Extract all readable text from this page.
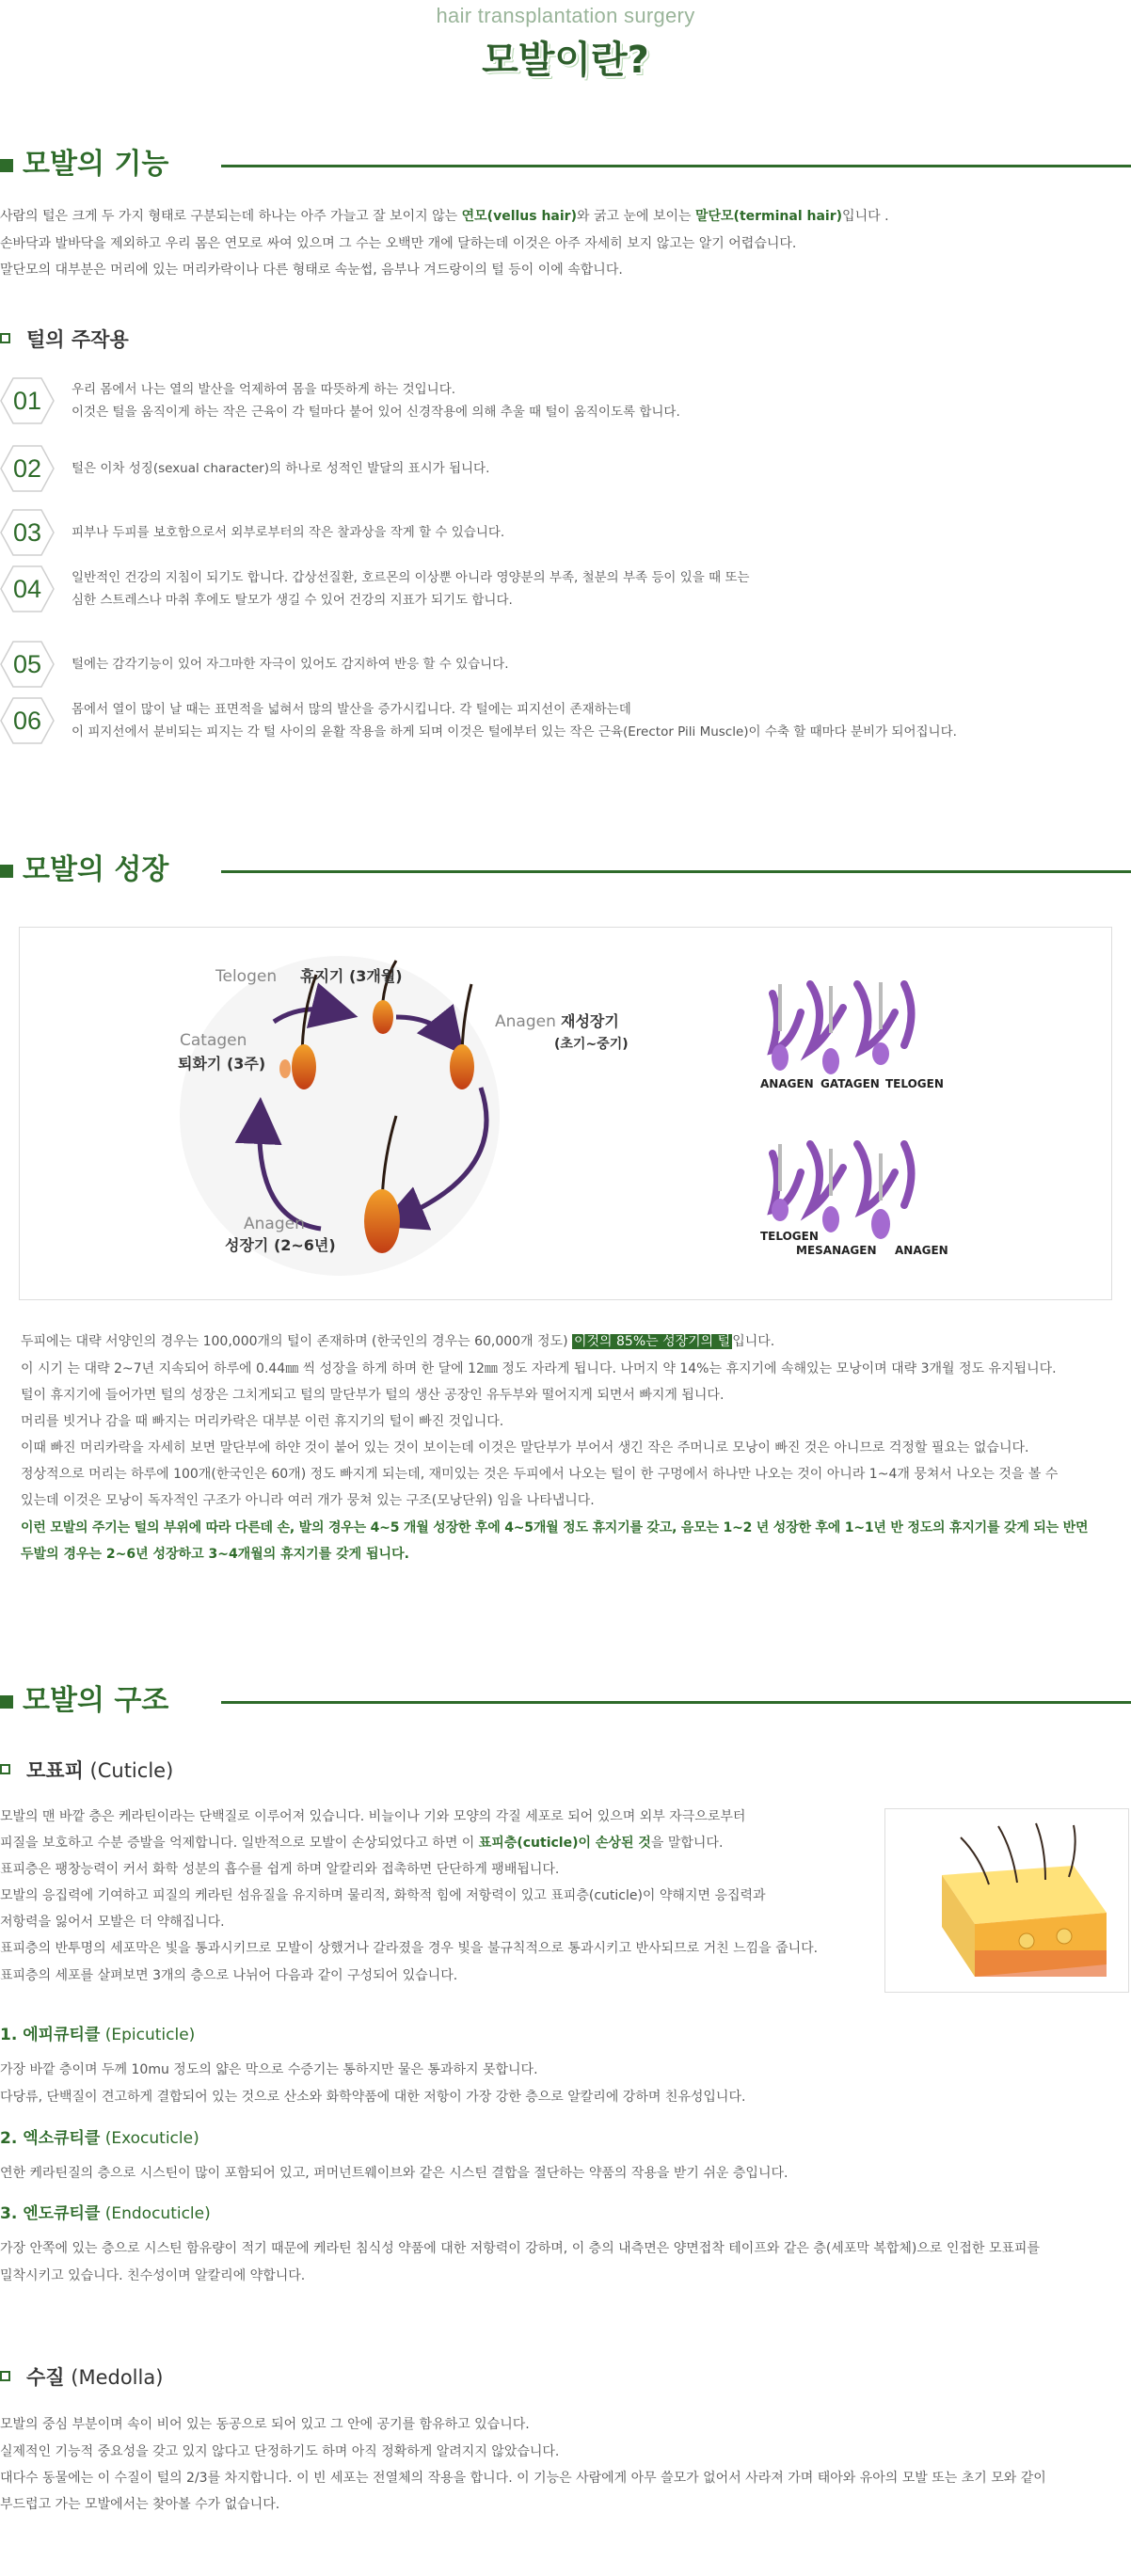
hair transplantation surgery
모발이란?
모발의 기능
사람의 털은 크게 두 가지 형태로 구분되는데 하나는 아주 가늘고 잘 보이지 않는 연모(vellus hair)와 굵고 눈에 보이는 말단모(terminal hair)입니다 .
손바닥과 발바닥을 제외하고 우리 몸은 연모로 싸여 있으며 그 수는 오백만 개에 달하는데 이것은 아주 자세히 보지 않고는 알기 어렵습니다.
말단모의 대부분은 머리에 있는 머리카락이나 다른 형태로 속눈썹, 음부나 겨드랑이의 털 등이 이에 속합니다.
털의 주작용
01	우리 몸에서 나는 열의 발산을 억제하여 몸을 따뜻하게 하는 것입니다.
이것은 털을 움직이게 하는 작은 근육이 각 털마다 붙어 있어 신경작용에 의해 추울 때 털이 움직이도록 합니다.
02	털은 이차 성징(sexual character)의 하나로 성적인 발달의 표시가 됩니다.
03	피부나 두피를 보호함으로서 외부로부터의 작은 찰과상을 작게 할 수 있습니다.
04	일반적인 건강의 지침이 되기도 합니다. 갑상선질환, 호르몬의 이상뿐 아니라 영양분의 부족, 철분의 부족 등이 있을 때 또는
심한 스트레스나 마취 후에도 탈모가 생길 수 있어 건강의 지표가 되기도 합니다.
05	털에는 감각기능이 있어 자그마한 자극이 있어도 감지하여 반응 할 수 있습니다.
06	몸에서 열이 많이 날 때는 표면적을 넓혀서 많의 발산을 증가시킵니다. 각 털에는 피지선이 존재하는데
이 피지선에서 분비되는 피지는 각 털 사이의 윤활 작용을 하게 되며 이것은 털에부터 있는 작은 근육(Erector Pili Muscle)이 수축 할 때마다 분비가 되어집니다.
모발의 성장
Telogen 휴지기 (3개월)
Catagen
퇴화기 (3주)
Anagen 재성장기
(초기~중기)
Anagen
성장기 (2~6년)
ANAGEN GATAGEN TELOGEN
TELOGEN
MESANAGEN ANAGEN
두피에는 대략 서양인의 경우는 100,000개의 털이 존재하며 (한국인의 경우는 60,000개 정도) 이것의 85%는 성장기의 털 입니다.
이 시기 는 대략 2~7년 지속되어 하루에 0.44㎜ 씩 성장을 하게 하며 한 달에 12㎜ 정도 자라게 됩니다. 나머지 약 14%는 휴지기에 속해있는 모낭이며 대략 3개월 정도 유지됩니다.
털이 휴지기에 들어가면 털의 성장은 그치게되고 털의 말단부가 털의 생산 공장인 유두부와 떨어지게 되면서 빠지게 됩니다.
머리를 빗거나 감을 때 빠지는 머리카락은 대부분 이런 휴지기의 털이 빠진 것입니다.
이때 빠진 머리카락을 자세히 보면 말단부에 하얀 것이 붙어 있는 것이 보이는데 이것은 말단부가 부어서 생긴 작은 주머니로 모낭이 빠진 것은 아니므로 걱정할 필요는 없습니다.
정상적으로 머리는 하루에 100개(한국인은 60개) 정도 빠지게 되는데, 재미있는 것은 두피에서 나오는 털이 한 구멍에서 하나만 나오는 것이 아니라 1~4개 뭉쳐서 나오는 것을 볼 수
있는데 이것은 모낭이 독자적인 구조가 아니라 여러 개가 뭉쳐 있는 구조(모낭단위) 임을 나타냅니다.
이런 모발의 주기는 털의 부위에 따라 다른데 손, 발의 경우는 4~5 개월 성장한 후에 4~5개월 정도 휴지기를 갖고, 음모는 1~2 년 성장한 후에 1~1년 반 정도의 휴지기를 갖게 되는 반면
두발의 경우는 2~6년 성장하고 3~4개월의 휴지기를 갖게 됩니다.
모발의 구조
모표피 (Cuticle)
모발의 맨 바깥 층은 케라틴이라는 단백질로 이루어져 있습니다. 비늘이나 기와 모양의 각질 세포로 되어 있으며 외부 자극으로부터
피질을 보호하고 수분 증발을 억제합니다. 일반적으로 모발이 손상되었다고 하면 이 표피층(cuticle)이 손상된 것을 말합니다.
표피층은 팽창능력이 커서 화학 성분의 흡수를 쉽게 하며 알칼리와 접촉하면 단단하게 팽배됩니다.
모발의 응집력에 기여하고 피질의 케라틴 섬유질을 유지하며 물리적, 화학적 힘에 저항력이 있고 표피층(cuticle)이 약해지면 응집력과
저항력을 잃어서 모발은 더 약해집니다.
표피층의 반투명의 세포막은 빛을 통과시키므로 모발이 상했거나 갈라졌을 경우 빛을 불규칙적으로 통과시키고 반사되므로 거친 느낌을 줍니다.
표피층의 세포를 살펴보면 3개의 층으로 나뉘어 다음과 같이 구성되어 있습니다.
1. 에피큐티클 (Epicuticle)
가장 바깥 층이며 두께 10mu 정도의 얇은 막으로 수증기는 통하지만 물은 통과하지 못합니다.
다당류, 단백질이 견고하게 결합되어 있는 것으로 산소와 화학약품에 대한 저항이 가장 강한 층으로 알칼리에 강하며 친유성입니다.
2. 엑소큐티클 (Exocuticle)
연한 케라틴질의 층으로 시스틴이 많이 포함되어 있고, 퍼머넌트웨이브와 같은 시스틴 결합을 절단하는 약품의 작용을 받기 쉬운 층입니다.
3. 엔도큐티클 (Endocuticle)
가장 안쪽에 있는 층으로 시스틴 함유량이 적기 때문에 케라틴 침식성 약품에 대한 저항력이 강하며, 이 층의 내측면은 양면접착 테이프와 같은 층(세포막 복합체)으로 인접한 모표피를
밀착시키고 있습니다. 친수성이며 알칼리에 약합니다.
수질 (Medolla)
모발의 중심 부분이며 속이 비어 있는 동공으로 되어 있고 그 안에 공기를 함유하고 있습니다.
실제적인 기능적 중요성을 갖고 있지 않다고 단정하기도 하며 아직 정확하게 알려지지 않았습니다.
대다수 동물에는 이 수질이 털의 2/3를 차지합니다. 이 빈 세포는 전열체의 작용을 합니다. 이 기능은 사람에게 아무 쓸모가 없어서 사라져 가며 태아와 유아의 모발 또는 초기 모와 같이
부드럽고 가는 모발에서는 찾아볼 수가 없습니다.
